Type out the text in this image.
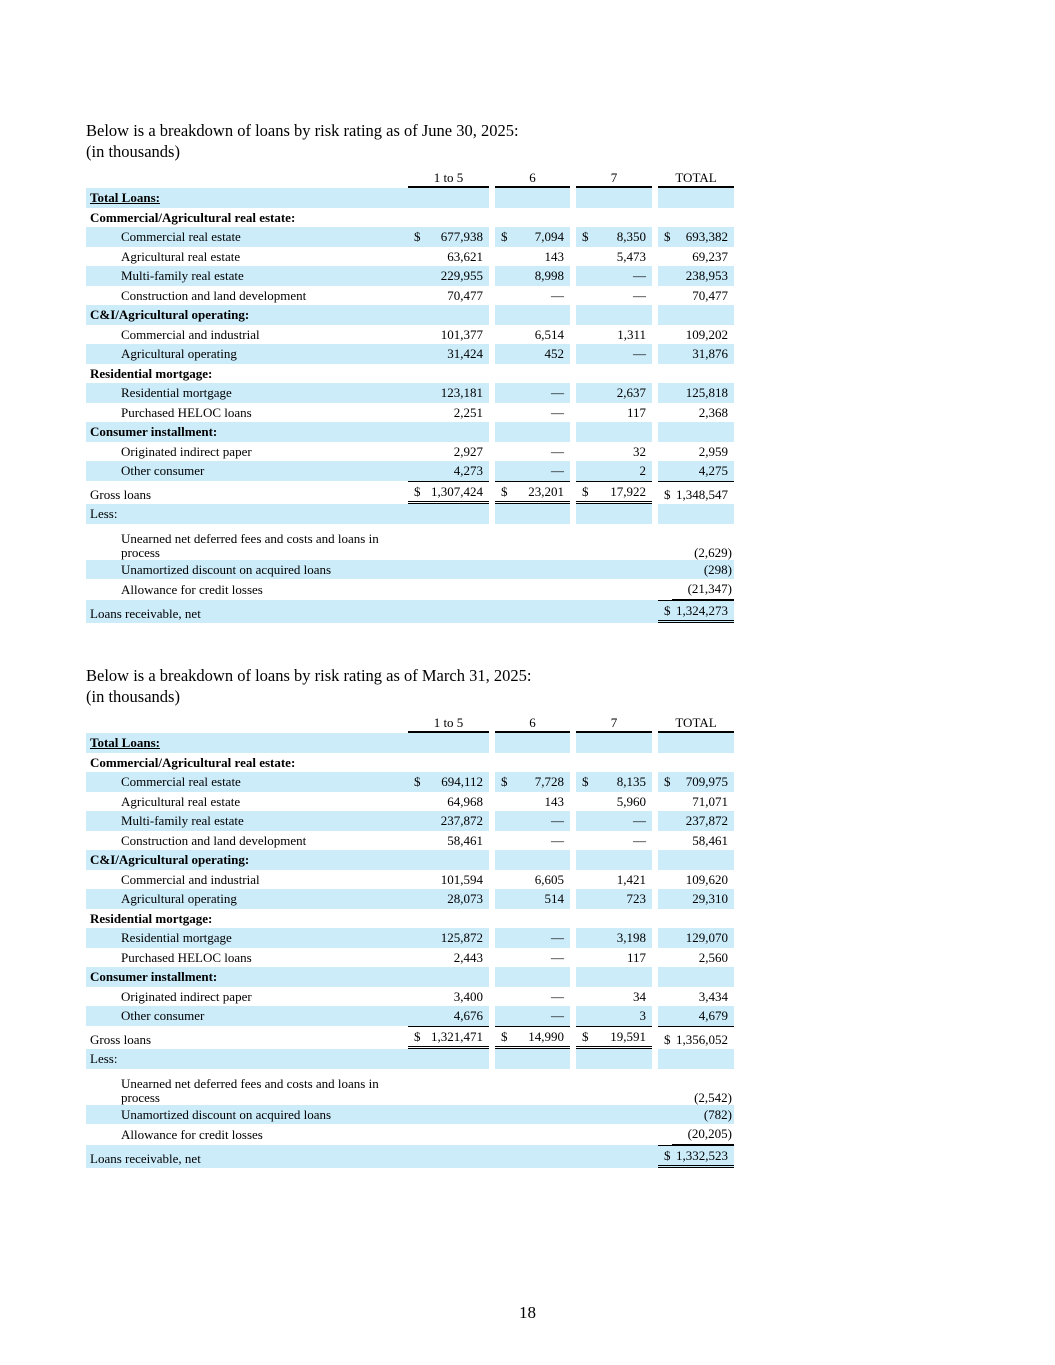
Below is a breakdown of loans by risk rating as of June 30, 2025:
(in thousands)
	1 to 5			6			7			TOTAL	
Total Loans:											
Commercial/Agricultural real estate:											
Commercial real estate	$	677,938		$	7,094		$	8,350		$	693,382
Agricultural real estate		63,621			143			5,473			69,237
Multi-family real estate		229,955			8,998			—			238,953
Construction and land development		70,477			—			—			70,477
C&I/Agricultural operating:											
Commercial and industrial		101,377			6,514			1,311			109,202
Agricultural operating		31,424			452			—			31,876
Residential mortgage:											
Residential mortgage		123,181			—			2,637			125,818
Purchased HELOC loans		2,251			—			117			2,368
Consumer installment:											
Originated indirect paper		2,927			—			32			2,959
Other consumer		4,273			—			2			4,275
Gross loans	$	1,307,424		$	23,201		$	17,922		$	1,348,547
Less:											
Unearned net deferred fees and costs and loans in process											(2,629)
Unamortized discount on acquired loans											(298)
Allowance for credit losses											(21,347)
Loans receivable, net										$	1,324,273
Below is a breakdown of loans by risk rating as of March 31, 2025:
(in thousands)
	1 to 5			6			7			TOTAL	
Total Loans:											
Commercial/Agricultural real estate:											
Commercial real estate	$	694,112		$	7,728		$	8,135		$	709,975
Agricultural real estate		64,968			143			5,960			71,071
Multi-family real estate		237,872			—			—			237,872
Construction and land development		58,461			—			—			58,461
C&I/Agricultural operating:											
Commercial and industrial		101,594			6,605			1,421			109,620
Agricultural operating		28,073			514			723			29,310
Residential mortgage:											
Residential mortgage		125,872			—			3,198			129,070
Purchased HELOC loans		2,443			—			117			2,560
Consumer installment:											
Originated indirect paper		3,400			—			34			3,434
Other consumer		4,676			—			3			4,679
Gross loans	$	1,321,471		$	14,990		$	19,591		$	1,356,052
Less:											
Unearned net deferred fees and costs and loans in process											(2,542)
Unamortized discount on acquired loans											(782)
Allowance for credit losses											(20,205)
Loans receivable, net										$	1,332,523
18
